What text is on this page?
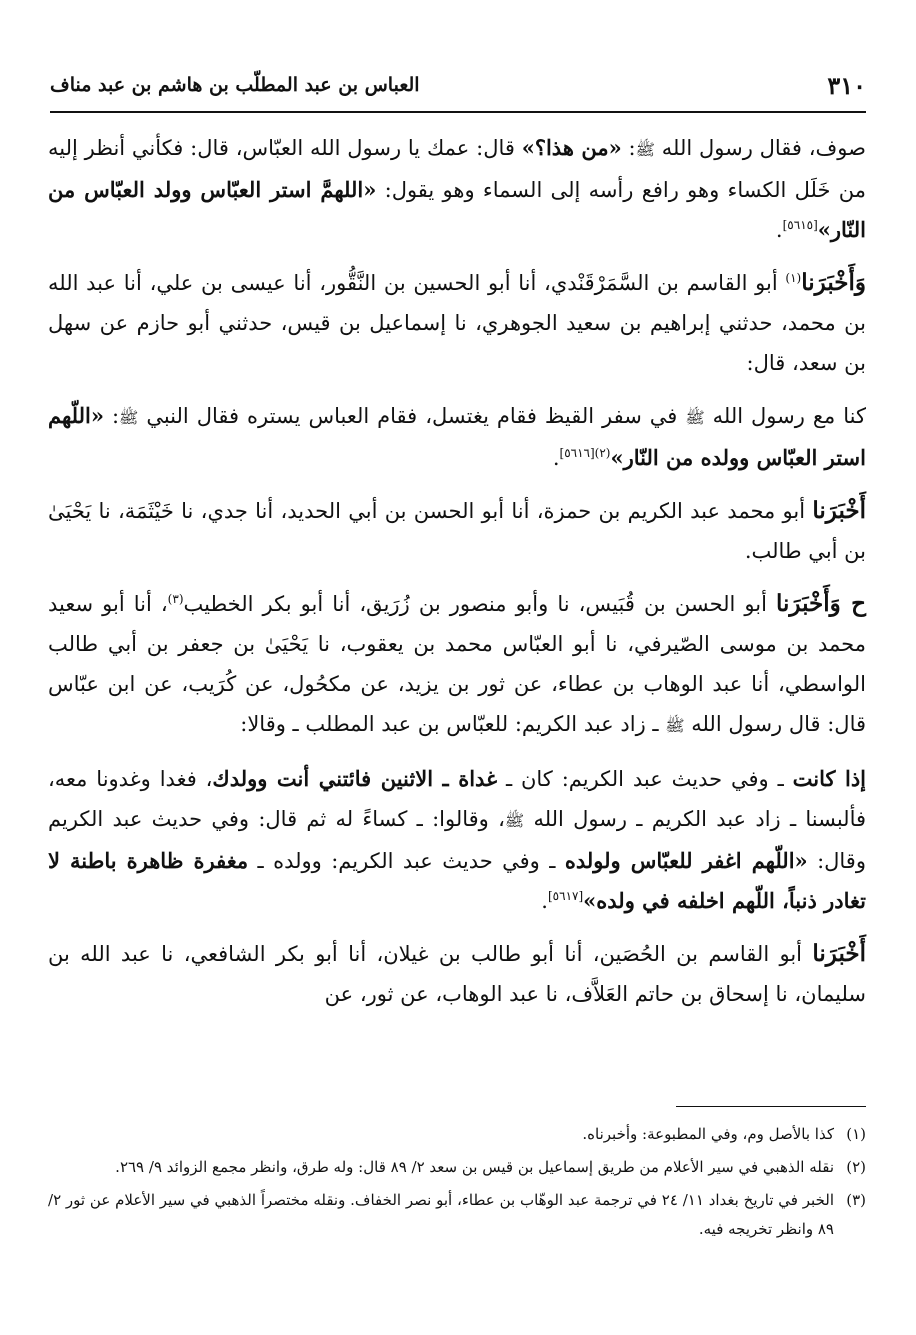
٣١٠
العباس بن عبد المطلّب بن هاشم بن عبد مناف

صوف، فقال رسول الله ﷺ: «من هذا؟» قال: عمك يا رسول الله العبّاس، قال: فكأني أنظر إليه من خَلَل الكساء وهو رافع رأسه إلى السماء وهو يقول: «اللهمَّ استر العبّاس وولد العبّاس من النّار»[٥٦١٥].

وَأَخْبَرَنا$^{(١)}$ أبو القاسم بن السَّمَرْقَنْدي، أنا أبو الحسين بن النَّقُّور، أنا عيسى بن علي، أنا عبد الله بن محمد، حدثني إبراهيم بن سعيد الجوهري، نا إسماعيل بن قيس، حدثني أبو حازم عن سهل بن سعد، قال:

كنا مع رسول الله ﷺ في سفر القيظ فقام يغتسل، فقام العباس يستره فقال النبي ﷺ: «اللّهم استر العبّاس وولده من النّار»$^{(٢)[٥٦١٦]}$.

أَخْبَرَنا أبو محمد عبد الكريم بن حمزة، أنا أبو الحسن بن أبي الحديد، أنا جدي، نا خَيْثَمَة، نا يَحْيَىٰ بن أبي طالب.

ح وَأَخْبَرَنا أبو الحسن بن قُبَيس، نا وأبو منصور بن زُرَيق، أنا أبو بكر الخطيب$^{(٣)}$، أنا أبو سعيد محمد بن موسى الصّيرفي، نا أبو العبّاس محمد بن يعقوب، نا يَحْيَىٰ بن جعفر بن أبي طالب الواسطي، أنا عبد الوهاب بن عطاء، عن ثور بن يزيد، عن مكحُول، عن كُرَيب، عن ابن عبّاس قال: قال رسول الله ﷺ ـ زاد عبد الكريم: للعبّاس بن عبد المطلب ـ وقالا:

إذا كانت ـ وفي حديث عبد الكريم: كان ـ غداة ـ الاثنين فائتني أنت وولدك، فغدا وغدونا معه، فألبسنا ـ زاد عبد الكريم ـ رسول الله ﷺ، وقالوا: ـ كساءً له ثم قال: وفي حديث عبد الكريم وقال: «اللّهم اغفر للعبّاس ولولده ـ وفي حديث عبد الكريم: وولده ـ مغفرة ظاهرة باطنة لا تغادر ذنباً، اللّهم اخلفه في ولده»[٥٦١٧].

أَخْبَرَنا أبو القاسم بن الحُصَين، أنا أبو طالب بن غيلان، أنا أبو بكر الشافعي، نا عبد الله بن سليمان، نا إسحاق بن حاتم العَلاَّف، نا عبد الوهاب، عن ثور، عن

(١)
كذا بالأصل وم، وفي المطبوعة: وأخبرناه.
(٢)
نقله الذهبي في سير الأعلام من طريق إسماعيل بن قيس بن سعد ٢/ ٨٩ قال: وله طرق، وانظر مجمع الزوائد ٩/ ٢٦٩.
(٣)
الخبر في تاريخ بغداد ١١/ ٢٤ في ترجمة عبد الوهّاب بن عطاء، أبو نصر الخفاف. ونقله مختصراً الذهبي في سير الأعلام عن ثور ٢/ ٨٩ وانظر تخريجه فيه.
